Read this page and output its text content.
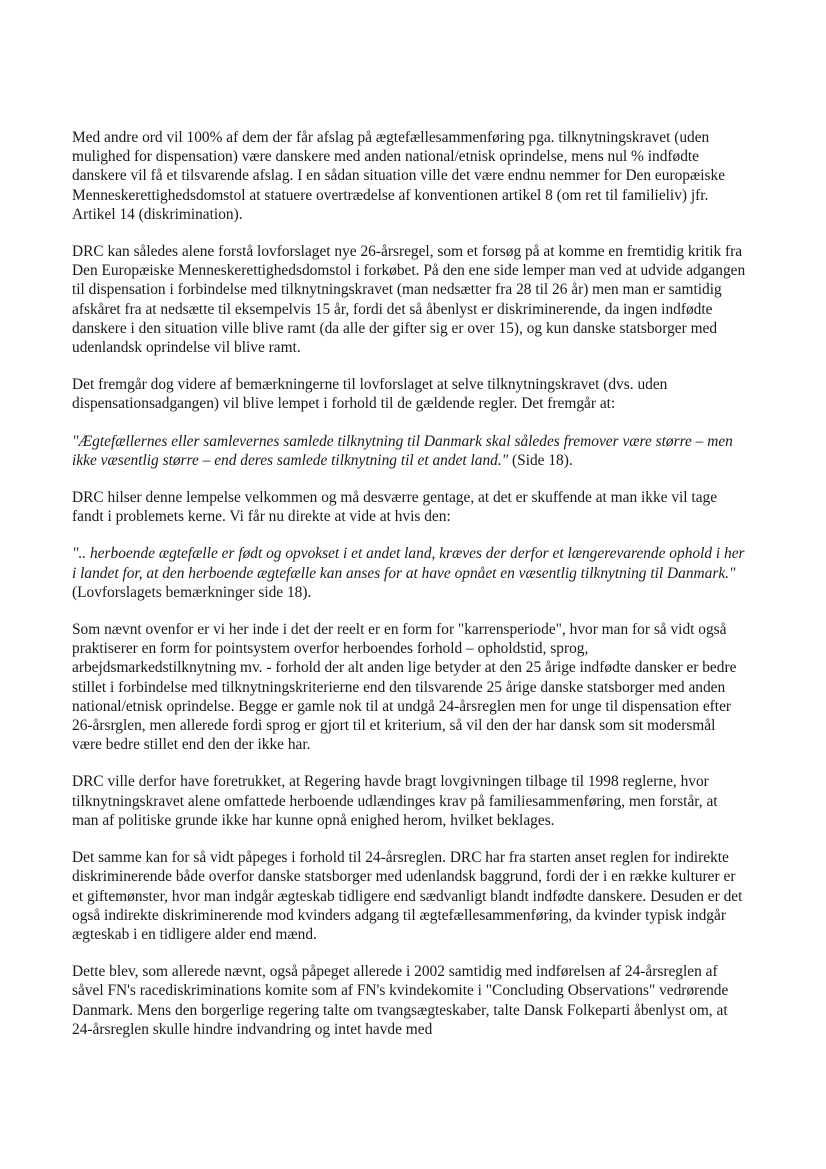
Med andre ord vil 100% af dem der får afslag på ægtefællesammenføring pga. tilknytningskravet (uden mulighed for dispensation) være danskere med anden national/etnisk oprindelse, mens nul % indfødte danskere vil få et tilsvarende afslag. I en sådan situation ville det være endnu nemmer for Den europæiske Menneskerettighedsdomstol at statuere overtrædelse af konventionen artikel 8 (om ret til familieliv) jfr. Artikel 14 (diskrimination).

DRC kan således alene forstå lovforslaget nye 26-årsregel, som et forsøg på at komme en fremtidig kritik fra Den Europæiske Menneskerettighedsdomstol i forkøbet. På den ene side lemper man ved at udvide adgangen til dispensation i forbindelse med tilknytningskravet (man nedsætter fra 28 til 26 år) men man er samtidig afskåret fra at nedsætte til eksempelvis 15 år, fordi det så åbenlyst er diskriminerende, da ingen indfødte danskere i den situation ville blive ramt (da alle der gifter sig er over 15), og kun danske statsborger med udenlandsk oprindelse vil blive ramt.

Det fremgår dog videre af bemærkningerne til lovforslaget at selve tilknytningskravet (dvs. uden dispensationsadgangen) vil blive lempet i forhold til de gældende regler. Det fremgår at:

"Ægtefællernes eller samlevernes samlede tilknytning til Danmark skal således fremover være større – men ikke væsentlig større – end deres samlede tilknytning til et andet land." (Side 18).

DRC hilser denne lempelse velkommen og må desværre gentage, at det er skuffende at man ikke vil tage fandt i problemets kerne. Vi får nu direkte at vide at hvis den:

".. herboende ægtefælle er født og opvokset i et andet land, kræves der derfor et længerevarende ophold i her i landet for, at den herboende ægtefælle kan anses for at have opnået en væsentlig tilknytning til Danmark." (Lovforslagets bemærkninger side 18).

Som nævnt ovenfor er vi her inde i det der reelt er en form for "karrensperiode", hvor man for så vidt også praktiserer en form for pointsystem overfor herboendes forhold – opholdstid, sprog, arbejdsmarkedstilknytning mv. - forhold der alt anden lige betyder at den 25 årige indfødte dansker er bedre stillet i forbindelse med tilknytningskriterierne end den tilsvarende 25 årige danske statsborger med anden national/etnisk oprindelse. Begge er gamle nok til at undgå 24-årsreglen men for unge til dispensation efter 26-årsrglen, men allerede fordi sprog er gjort til et kriterium, så vil den der har dansk som sit modersmål være bedre stillet end den der ikke har.

DRC ville derfor have foretrukket, at Regering havde bragt lovgivningen tilbage til 1998 reglerne, hvor tilknytningskravet alene omfattede herboende udlændinges krav på familiesammenføring, men forstår, at man af politiske grunde ikke har kunne opnå enighed herom, hvilket beklages.

Det samme kan for så vidt påpeges i forhold til 24-årsreglen. DRC har fra starten anset reglen for indirekte diskriminerende både overfor danske statsborger med udenlandsk baggrund, fordi der i en række kulturer er et giftemønster, hvor man indgår ægteskab tidligere end sædvanligt blandt indfødte danskere. Desuden er det også indirekte diskriminerende mod kvinders adgang til ægtefællesammenføring, da kvinder typisk indgår ægteskab i en tidligere alder end mænd.

Dette blev, som allerede nævnt, også påpeget allerede i 2002 samtidig med indførelsen af 24-årsreglen af såvel FN's racediskriminations komite som af FN's kvindekomite i "Concluding Observations" vedrørende Danmark. Mens den borgerlige regering talte om tvangsægteskaber, talte Dansk Folkeparti åbenlyst om, at 24-årsreglen skulle hindre indvandring og intet havde med
